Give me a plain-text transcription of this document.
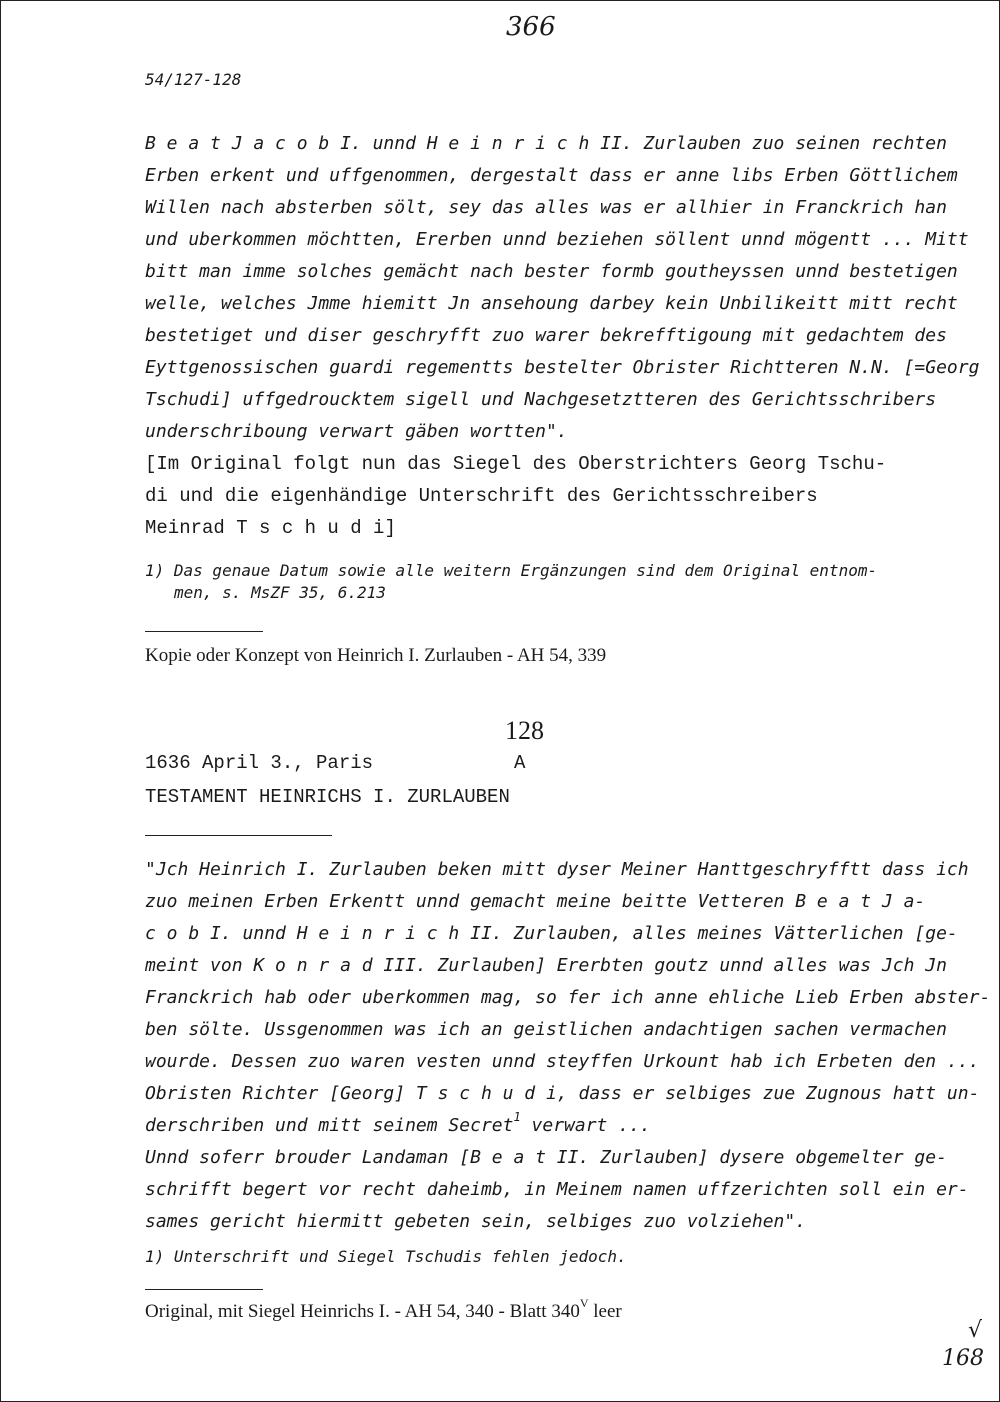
366
54/127-128
B e a t J a c o b I. unnd H e i n r i c h II. Zurlauben zuo seinen rechten
Erben erkent und uffgenommen, dergestalt dass er anne libs Erben Göttlichem
Willen nach absterben sölt, sey das alles was er allhier in Franckrich han
und uberkommen möchtten, Ererben unnd beziehen söllent unnd mögentt ... Mitt
bitt man imme solches gemächt nach bester formb goutheyssen unnd bestetigen
welle, welches Jmme hiemitt Jn ansehoung darbey kein Unbilikeitt mitt recht
bestetiget und diser geschryfft zuo warer bekrefftigoung mit gedachtem des
Eyttgenossischen guardi regementts bestelter Obrister Richtteren N.N. [=Georg
Tschudi] uffgedroucktem sigell und Nachgesetztteren des Gerichtsschribers
underschriboung verwart gäben wortten".
[Im Original folgt nun das Siegel des Oberstrichters Georg Tschu-
di und die eigenhändige Unterschrift des Gerichtsschreibers
Meinrad T s c h u d i]
1) Das genaue Datum sowie alle weitern Ergänzungen sind dem Original entnom-
men, s. MsZF 35, 6.213
Kopie oder Konzept von Heinrich I. Zurlauben - AH 54, 339
128
A
1636 April 3., Paris
TESTAMENT HEINRICHS I. ZURLAUBEN
"Jch Heinrich I. Zurlauben beken mitt dyser Meiner Hanttgeschryfftt dass ich
zuo meinen Erben Erkentt unnd gemacht meine beitte Vetteren B e a t J a-
c o b I. unnd H e i n r i c h II. Zurlauben, alles meines Vätterlichen [ge-
meint von K o n r a d III. Zurlauben] Ererbten goutz unnd alles was Jch Jn
Franckrich hab oder uberkommen mag, so fer ich anne ehliche Lieb Erben abster-
ben sölte. Ussgenommen was ich an geistlichen andachtigen sachen vermachen
wourde. Dessen zuo waren vesten unnd steyffen Urkount hab ich Erbeten den ...
Obristen Richter [Georg] T s c h u d i, dass er selbiges zue Zugnous hatt un-
derschriben und mitt seinem Secret$^1$ verwart ...
Unnd soferr brouder Landaman [B e a t II. Zurlauben] dysere obgemelter ge-
schrifft begert vor recht daheimb, in Meinem namen uffzerichten soll ein er-
sames gericht hiermitt gebeten sein, selbiges zuo volziehen".
1) Unterschrift und Siegel Tschudis fehlen jedoch.
Original, mit Siegel Heinrichs I. - AH 54, 340 - Blatt $340^V$ leer
√
168
